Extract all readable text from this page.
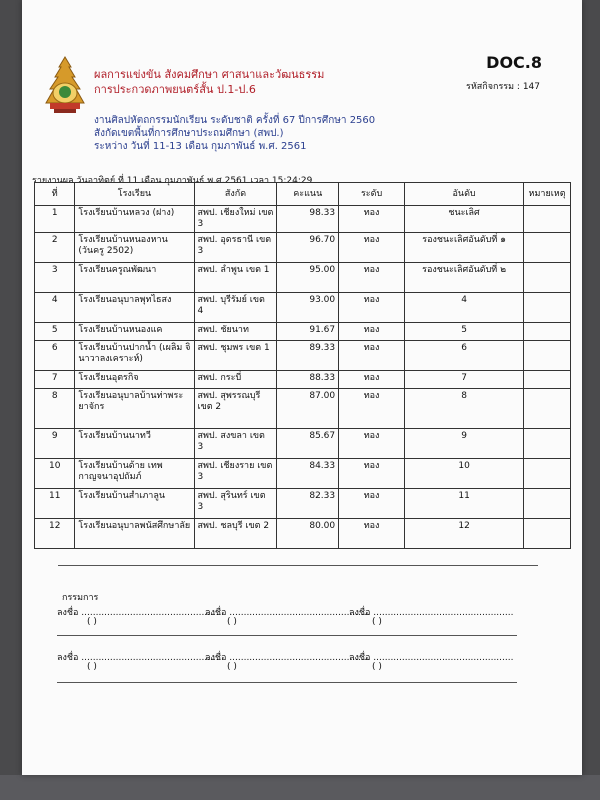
ผลการแข่งขัน สังคมศึกษา ศาสนาและวัฒนธรรม
การประกวดภาพยนตร์สั้น ป.1-ป.6
DOC.8
รหัสกิจกรรม : 147
งานศิลปหัตถกรรมนักเรียน ระดับชาติ ครั้งที่ 67 ปีการศึกษา 2560
สังกัดเขตพื้นที่การศึกษาประถมศึกษา (สพป.)
ระหว่าง วันที่ 11-13 เดือน กุมภาพันธ์ พ.ศ. 2561
รายงานผล วันอาทิตย์ ที่ 11 เดือน กุมภาพันธ์ พ.ศ.2561 เวลา 15:24:29
ที่	โรงเรียน	สังกัด	คะแนน	ระดับ	อันดับ	หมายเหตุ
1	โรงเรียนบ้านหลวง (ฝาง)	สพป. เชียงใหม่ เขต 3	98.33	ทอง	ชนะเลิศ	
2	โรงเรียนบ้านหนองหาน (วันครู 2502)	สพป. อุดรธานี เขต 3	96.70	ทอง	รองชนะเลิศอันดับที่ ๑	
3	โรงเรียนครูณพัฒนา	สพป. ลำพูน เขต 1	95.00	ทอง	รองชนะเลิศอันดับที่ ๒	
4	โรงเรียนอนุบาลพุทไธสง	สพป. บุรีรัมย์ เขต 4	93.00	ทอง	4	
5	โรงเรียนบ้านหนองแค	สพป. ชัยนาท	91.67	ทอง	5	
6	โรงเรียนบ้านปากน้ำ (เผลิม จินาวาลงเคราะห์)	สพป. ชุมพร เขต 1	89.33	ทอง	6	
7	โรงเรียนอุตรกิจ	สพป. กระบี่	88.33	ทอง	7	
8	โรงเรียนอนุบาลบ้านท่าพระยาจักร	สพป. สุพรรณบุรี เขต 2	87.00	ทอง	8	
9	โรงเรียนบ้านนาทวี	สพป. สงขลา เขต 3	85.67	ทอง	9	
10	โรงเรียนบ้านด้าย เทพกาญจนาอุปถัมภ์	สพป. เชียงราย เขต 3	84.33	ทอง	10	
11	โรงเรียนบ้านสำเภาลูน	สพป. สุรินทร์ เขต 3	82.33	ทอง	11	
12	โรงเรียนอนุบาลพนัสศึกษาลัย	สพป. ชลบุรี เขต 2	80.00	ทอง	12	
กรรมการ
ลงชื่อ .................................................
ลงชื่อ .................................................
ลงชื่อ .................................................
( )	( )	( )
ลงชื่อ .................................................
ลงชื่อ .................................................
ลงชื่อ .................................................
( )	( )	( )
